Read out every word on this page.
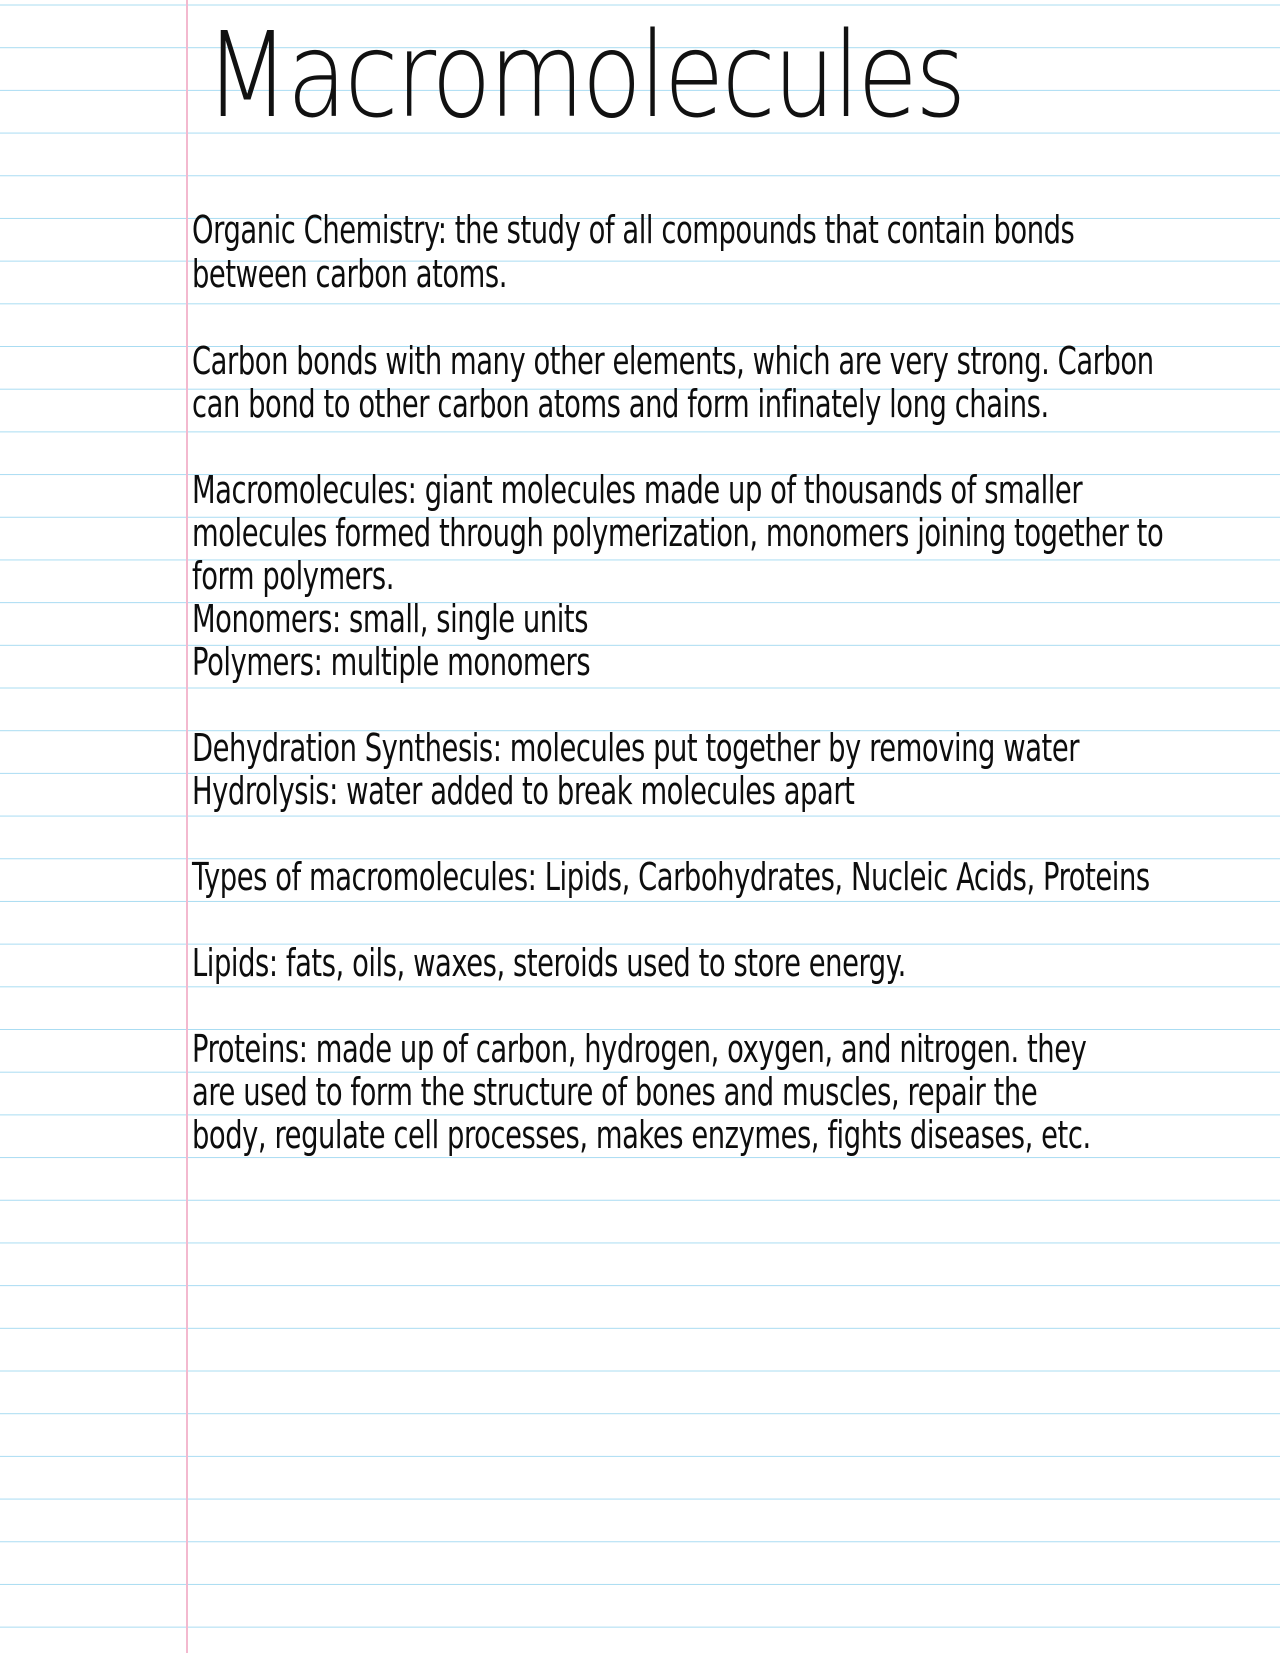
Macromolecules
Organic Chemistry: the study of all compounds that contain bonds
between carbon atoms.
Carbon bonds with many other elements, which are very strong. Carbon
can bond to other carbon atoms and form infinately long chains.
Macromolecules: giant molecules made up of thousands of smaller
molecules formed through polymerization, monomers joining together to
form polymers.
Monomers: small, single units
Polymers: multiple monomers
Dehydration Synthesis: molecules put together by removing water
Hydrolysis: water added to break molecules apart
Types of macromolecules: Lipids, Carbohydrates, Nucleic Acids, Proteins
Lipids: fats, oils, waxes, steroids used to store energy.
Proteins: made up of carbon, hydrogen, oxygen, and nitrogen. they
are used to form the structure of bones and muscles, repair the
body, regulate cell processes, makes enzymes, fights diseases, etc.
